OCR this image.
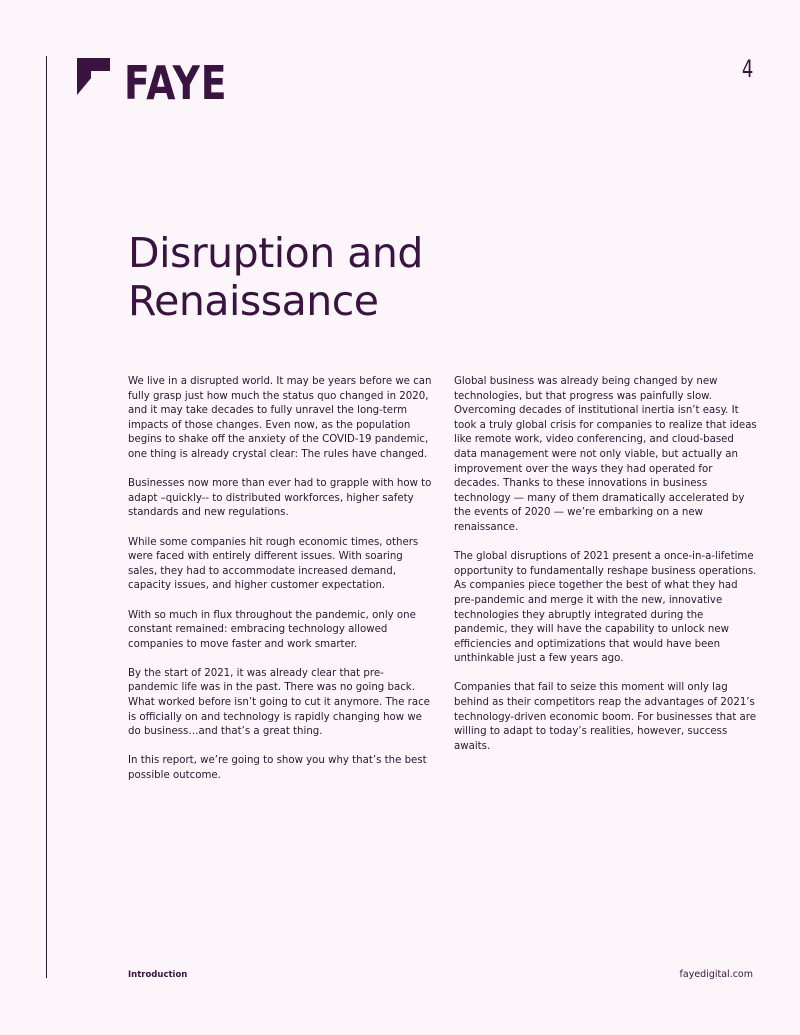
FAYE	4
Disruption and
Renaissance

We live in a disrupted world. It may be years before we can fully grasp just how much the status quo changed in 2020, and it may take decades to fully unravel the long-term impacts of those changes. Even now, as the population begins to shake off the anxiety of the COVID-19 pandemic, one thing is already crystal clear: The rules have changed.

Businesses now more than ever had to grapple with how to adapt –quickly-- to distributed workforces, higher safety standards and new regulations.

While some companies hit rough economic times, others were faced with entirely different issues. With soaring sales, they had to accommodate increased demand, capacity issues, and higher customer expectation.

With so much in flux throughout the pandemic, only one constant remained: embracing technology allowed companies to move faster and work smarter.

By the start of 2021, it was already clear that pre-pandemic life was in the past. There was no going back. What worked before isn’t going to cut it anymore. The race is officially on and technology is rapidly changing how we do business…and that’s a great thing.

In this report, we’re going to show you why that’s the best possible outcome.

Global business was already being changed by new technologies, but that progress was painfully slow. Overcoming decades of institutional inertia isn’t easy. It took a truly global crisis for companies to realize that ideas like remote work, video conferencing, and cloud-based data management were not only viable, but actually an improvement over the ways they had operated for decades. Thanks to these innovations in business technology — many of them dramatically accelerated by the events of 2020 — we’re embarking on a new renaissance.

The global disruptions of 2021 present a once-in-a-lifetime opportunity to fundamentally reshape business operations. As companies piece together the best of what they had pre-pandemic and merge it with the new, innovative technologies they abruptly integrated during the pandemic, they will have the capability to unlock new efficiencies and optimizations that would have been unthinkable just a few years ago.

Companies that fail to seize this moment will only lag behind as their competitors reap the advantages of 2021’s technology-driven economic boom. For businesses that are willing to adapt to today’s realities, however, success awaits.

Introduction	fayedigital.com
